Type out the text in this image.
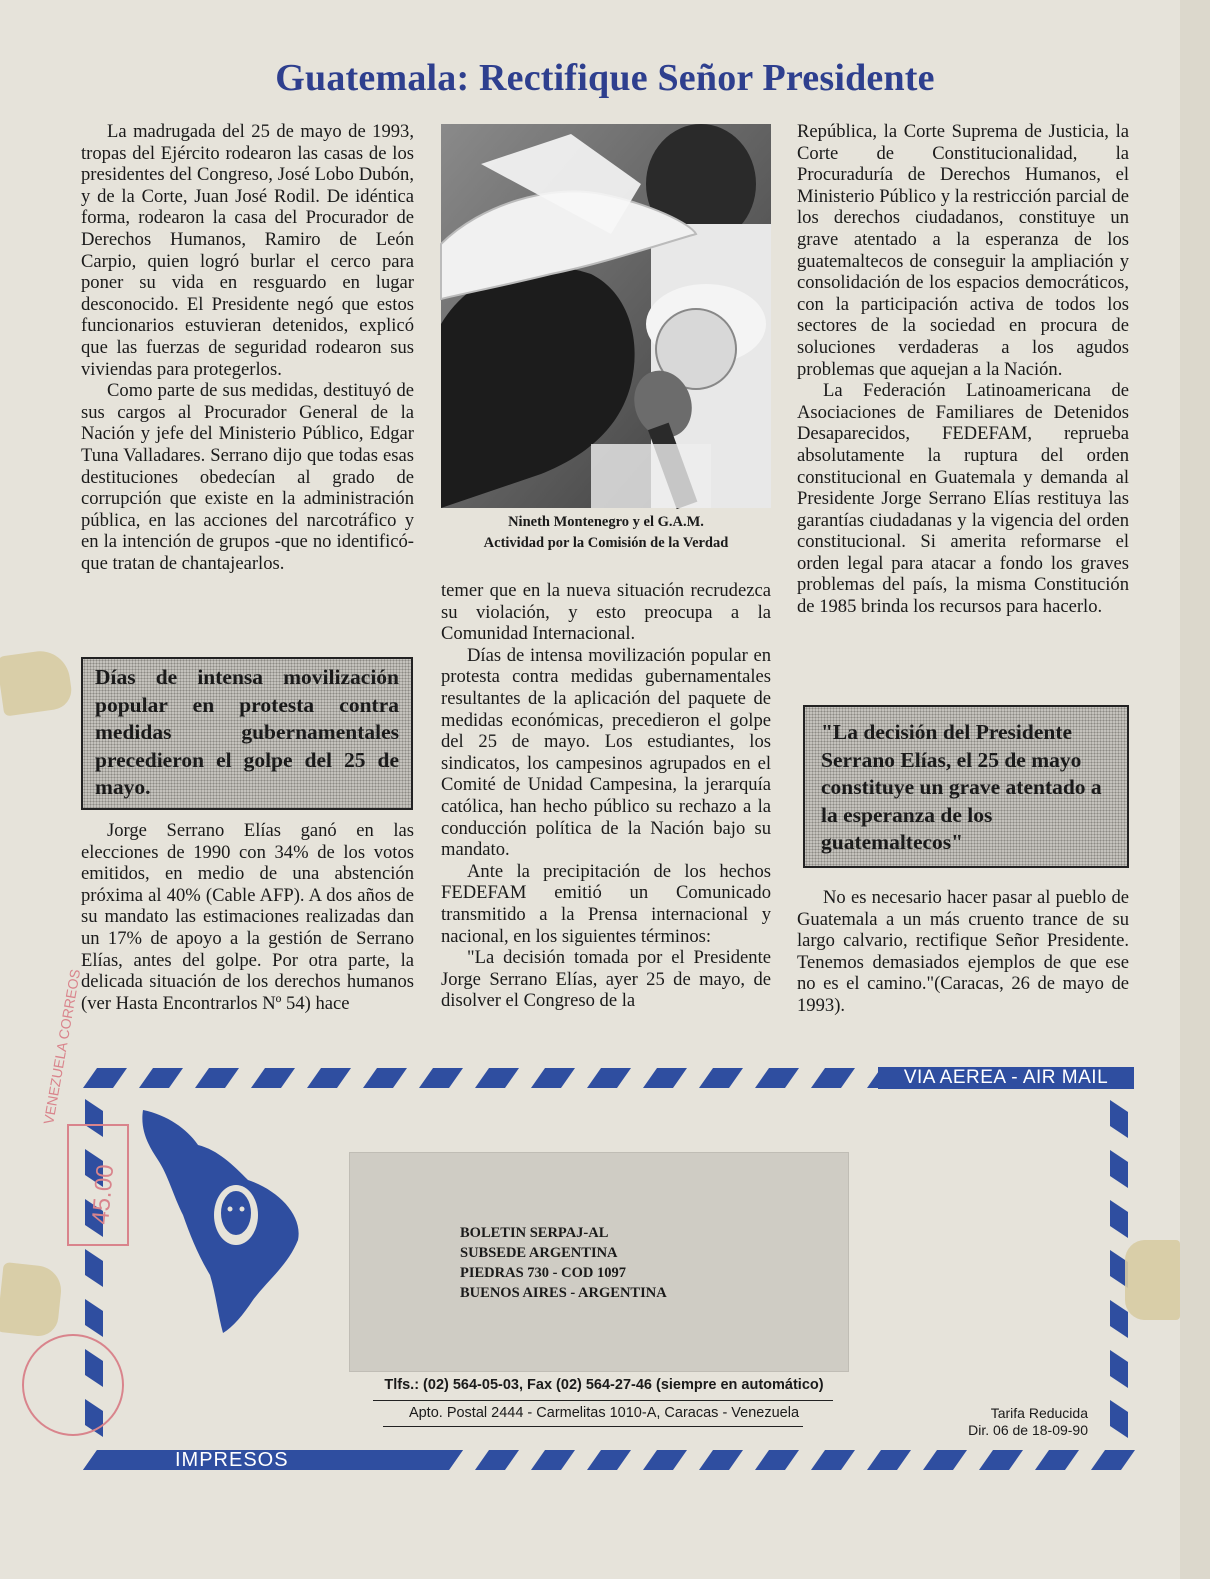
Guatemala: Rectifique Señor Presidente

La madrugada del 25 de mayo de 1993, tropas del Ejército rodearon las casas de los presidentes del Congreso, José Lobo Dubón, y de la Corte, Juan José Rodil. De idéntica forma, rodearon la casa del Procurador de Derechos Humanos, Ramiro de León Carpio, quien logró burlar el cerco para poner su vida en resguardo en lugar desconocido. El Presidente negó que estos funcionarios estuvieran detenidos, explicó que las fuerzas de seguridad rodearon sus viviendas para protegerlos.

Como parte de sus medidas, destituyó de sus cargos al Procurador General de la Nación y jefe del Ministerio Público, Edgar Tuna Valladares. Serrano dijo que todas esas destituciones obedecían al grado de corrupción que existe en la administración pública, en las acciones del narcotráfico y en la intención de grupos -que no identificó- que tratan de chantajearlos.

Días de intensa movilización popular en protesta contra medidas gubernamentales precedieron el golpe del 25 de mayo.

Jorge Serrano Elías ganó en las elecciones de 1990 con 34% de los votos emitidos, en medio de una abstención próxima al 40% (Cable AFP). A dos años de su mandato las estimaciones realizadas dan un 17% de apoyo a la gestión de Serrano Elías, antes del golpe. Por otra parte, la delicada situación de los derechos humanos (ver Hasta Encontrarlos Nº 54) hace

Nineth Montenegro y el G.A.M.
Actividad por la Comisión de la Verdad

temer que en la nueva situación recrudezca su violación, y esto preocupa a la Comunidad Internacional.

Días de intensa movilización popular en protesta contra medidas gubernamentales resultantes de la aplicación del paquete de medidas económicas, precedieron el golpe del 25 de mayo. Los estudiantes, los sindicatos, los campesinos agrupados en el Comité de Unidad Campesina, la jerarquía católica, han hecho público su rechazo a la conducción política de la Nación bajo su mandato.

Ante la precipitación de los hechos FEDEFAM emitió un Comunicado transmitido a la Prensa internacional y nacional, en los siguientes términos:

"La decisión tomada por el Presidente Jorge Serrano Elías, ayer 25 de mayo, de disolver el Congreso de la

República, la Corte Suprema de Justicia, la Corte de Constitucionalidad, la Procuraduría de Derechos Humanos, el Ministerio Público y la restricción parcial de los derechos ciudadanos, constituye un grave atentado a la esperanza de los guatemaltecos de conseguir la ampliación y consolidación de los espacios democráticos, con la participación activa de todos los sectores de la sociedad en procura de soluciones verdaderas a los agudos problemas que aquejan a la Nación.

La Federación Latinoamericana de Asociaciones de Familiares de Detenidos Desaparecidos, FEDEFAM, reprueba absolutamente la ruptura del orden constitucional en Guatemala y demanda al Presidente Jorge Serrano Elías restituya las garantías ciudadanas y la vigencia del orden constitucional. Si amerita reformarse el orden legal para atacar a fondo los graves problemas del país, la misma Constitución de 1985 brinda los recursos para hacerlo.

"La decisión del Presidente Serrano Elías, el 25 de mayo constituye un grave atentado a la esperanza de los guatemaltecos"

No es necesario hacer pasar al pueblo de Guatemala a un más cruento trance de su largo calvario, rectifique Señor Presidente. Tenemos demasiados ejemplos de que ese no es el camino."(Caracas, 26 de mayo de 1993).

VIA AEREA - AIR MAIL
BOLETIN SERPAJ-AL
SUBSEDE ARGENTINA
PIEDRAS 730 - COD 1097
BUENOS AIRES - ARGENTINA
Tlfs.: (02) 564-05-03, Fax (02) 564-27-46 (siempre en automático)
Apto. Postal 2444 - Carmelitas 1010-A, Caracas - Venezuela	Tarifa Reducida
Dir. 06 de 18-09-90
IMPRESOS
VENEZUELA CORREOS
45.00
